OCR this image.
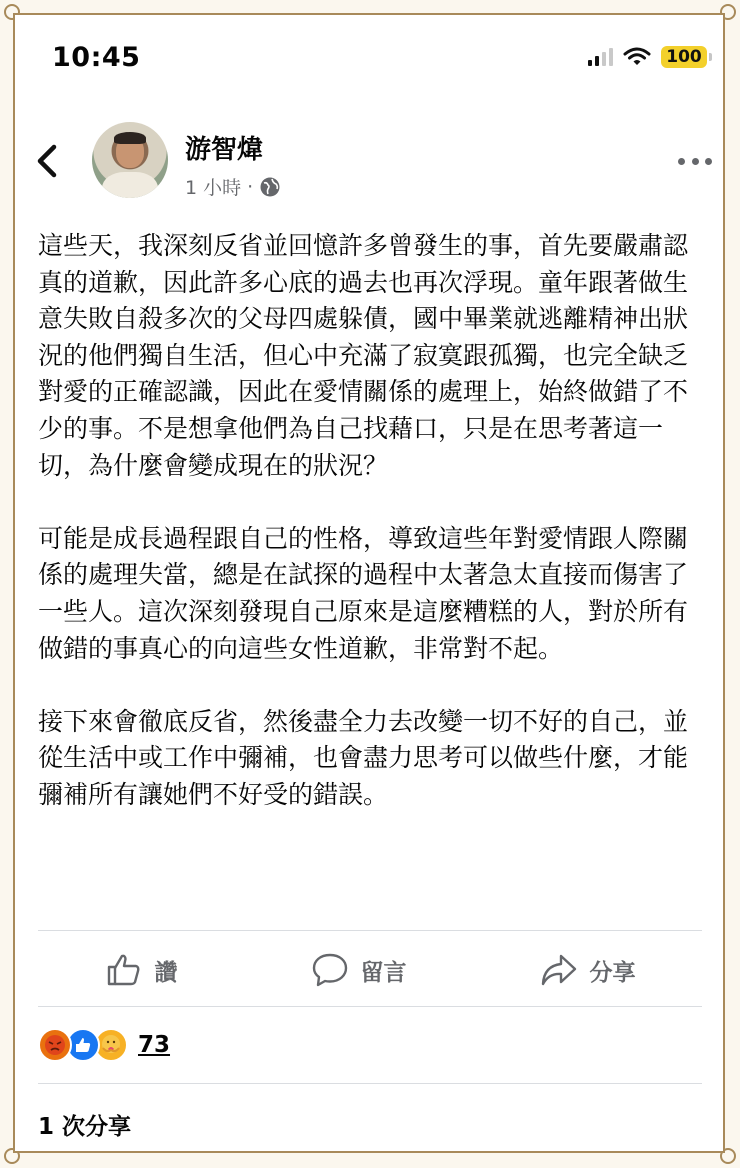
10:45	100
游智煒
1 小時 ·

這些天，我深刻反省並回憶許多曾發生的事，首先要嚴肅認真的道歉，因此許多心底的過去也再次浮現。童年跟著做生意失敗自殺多次的父母四處躲債，國中畢業就逃離精神出狀況的他們獨自生活，但心中充滿了寂寞跟孤獨，也完全缺乏對愛的正確認識，因此在愛情關係的處理上，始終做錯了不少的事。不是想拿他們為自己找藉口，只是在思考著這一切，為什麼會變成現在的狀況？

可能是成長過程跟自己的性格，導致這些年對愛情跟人際關係的處理失當，總是在試探的過程中太著急太直接而傷害了一些人。這次深刻發現自己原來是這麼糟糕的人，對於所有做錯的事真心的向這些女性道歉，非常對不起。

接下來會徹底反省，然後盡全力去改變一切不好的自己，並從生活中或工作中彌補，也會盡力思考可以做些什麼，才能彌補所有讓她們不好受的錯誤。

讚	留言	分享
73
1 次分享
